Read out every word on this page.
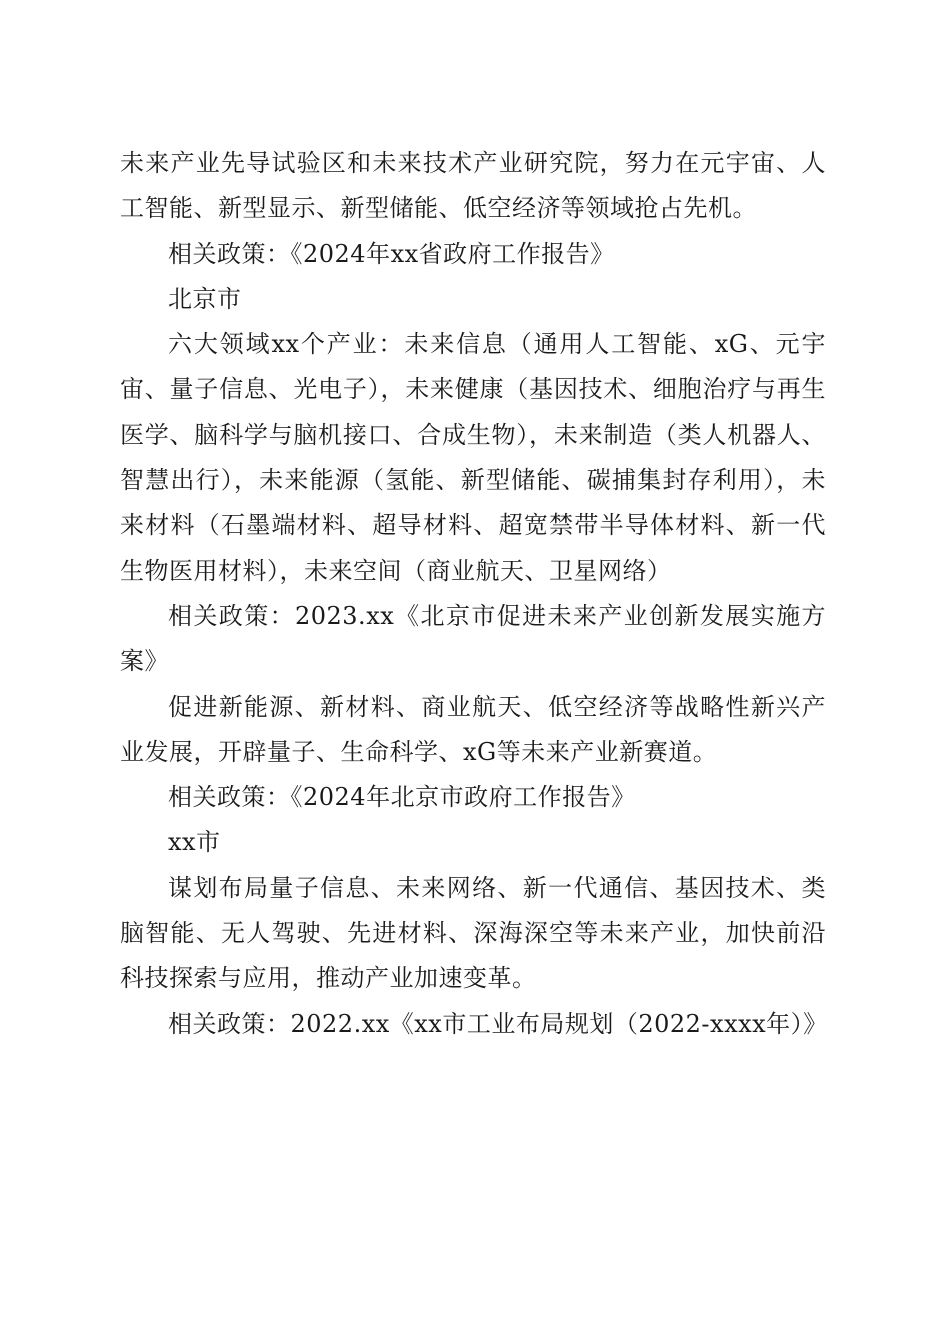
未来产业先导试验区和未来技术产业研究院，努力在元宇宙、人工智能、新型显示、新型储能、低空经济等领域抢占先机。

相关政策：《2024年xx省政府工作报告》

北京市

六大领域xx个产业：未来信息（通用人工智能、xG、元宇宙、量子信息、光电子），未来健康（基因技术、细胞治疗与再生医学、脑科学与脑机接口、合成生物），未来制造（类人机器人、智慧出行），未来能源（氢能、新型储能、碳捕集封存利用），未来材料（石墨端材料、超导材料、超宽禁带半导体材料、新一代生物医用材料），未来空间（商业航天、卫星网络）

相关政策：2023.xx《北京市促进未来产业创新发展实施方案》

促进新能源、新材料、商业航天、低空经济等战略性新兴产业发展，开辟量子、生命科学、xG等未来产业新赛道。

相关政策：《2024年北京市政府工作报告》

xx市

谋划布局量子信息、未来网络、新一代通信、基因技术、类脑智能、无人驾驶、先进材料、深海深空等未来产业，加快前沿科技探索与应用，推动产业加速变革。

相关政策：2022.xx《xx市工业布局规划（2022-xxxx年）》
